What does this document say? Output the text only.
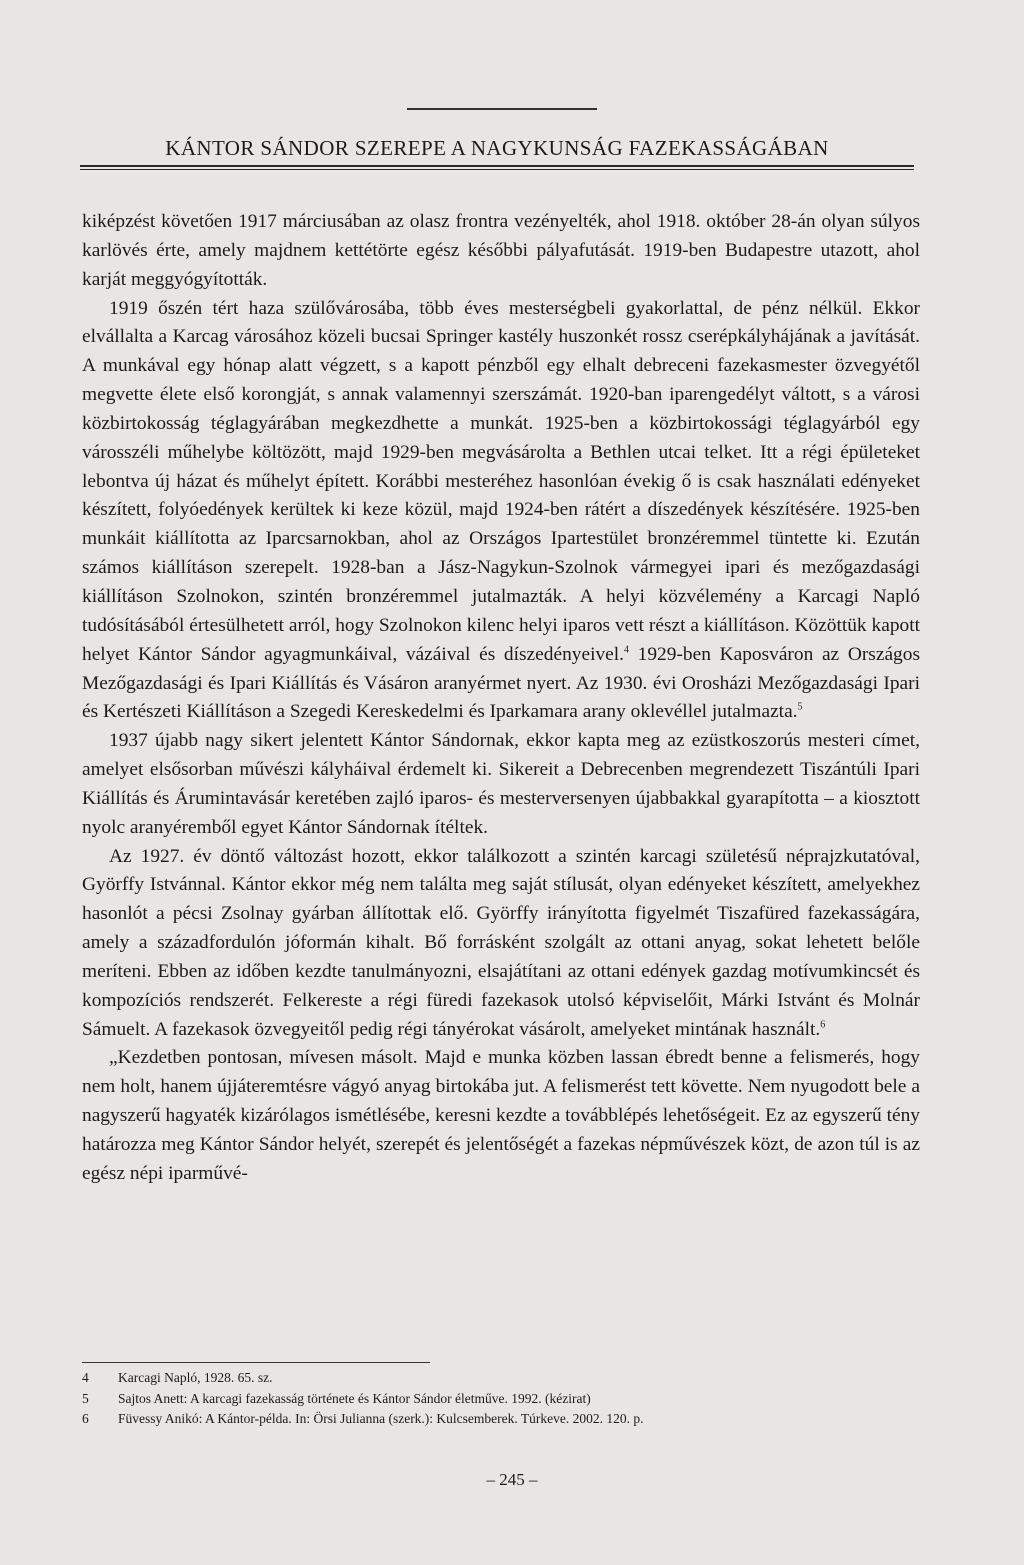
KÁNTOR SÁNDOR SZEREPE A NAGYKUNSÁG FAZEKASSÁGÁBAN

kiképzést követően 1917 márciusában az olasz frontra vezényelték, ahol 1918. október 28-án olyan súlyos karlövés érte, amely majdnem kettétörte egész későbbi pályafutását. 1919-ben Budapestre utazott, ahol karját meggyógyították.

1919 őszén tért haza szülővárosába, több éves mesterségbeli gyakorlattal, de pénz nélkül. Ekkor elvállalta a Karcag városához közeli bucsai Springer kastély huszonkét rossz cserépkályhájának a javítását. A munkával egy hónap alatt végzett, s a kapott pénzből egy elhalt debreceni fazekasmester özvegyétől megvette élete első korongját, s annak valamennyi szerszámát. 1920-ban iparengedélyt váltott, s a városi közbirtokosság téglagyárában megkezdhette a munkát. 1925-ben a közbirtokossági téglagyárból egy városszéli műhelybe költözött, majd 1929-ben megvásárolta a Bethlen utcai telket. Itt a régi épületeket lebontva új házat és műhelyt épített. Korábbi mesteréhez hasonlóan évekig ő is csak használati edényeket készített, folyóedények kerültek ki keze közül, majd 1924-ben rátért a díszedények készítésére. 1925-ben munkáit kiállította az Iparcsarnokban, ahol az Országos Ipartestület bronzéremmel tüntette ki. Ezután számos kiállításon szerepelt. 1928-ban a Jász-Nagykun-Szolnok vármegyei ipari és mezőgazdasági kiállításon Szolnokon, szintén bronzéremmel jutalmazták. A helyi közvélemény a Karcagi Napló tudósításából értesülhetett arról, hogy Szolnokon kilenc helyi iparos vett részt a kiállításon. Közöttük kapott helyet Kántor Sándor agyagmunkáival, vázáival és díszedényeivel.$^4$ 1929-ben Kaposváron az Országos Mezőgazdasági és Ipari Kiállítás és Vásáron aranyérmet nyert. Az 1930. évi Orosházi Mezőgazdasági Ipari és Kertészeti Kiállításon a Szegedi Kereskedelmi és Iparkamara arany oklevéllel jutalmazta.$^5$

1937 újabb nagy sikert jelentett Kántor Sándornak, ekkor kapta meg az ezüstkoszorús mesteri címet, amelyet elsősorban művészi kályháival érdemelt ki. Sikereit a Debrecenben megrendezett Tiszántúli Ipari Kiállítás és Árumintavásár keretében zajló iparos- és mesterversenyen újabbakkal gyarapította – a kiosztott nyolc aranyéremből egyet Kántor Sándornak ítéltek.

Az 1927. év döntő változást hozott, ekkor találkozott a szintén karcagi születésű néprajzkutatóval, Györffy Istvánnal. Kántor ekkor még nem találta meg saját stílusát, olyan edényeket készített, amelyekhez hasonlót a pécsi Zsolnay gyárban állítottak elő. Györffy irányította figyelmét Tiszafüred fazekasságára, amely a századfordulón jóformán kihalt. Bő forrásként szolgált az ottani anyag, sokat lehetett belőle meríteni. Ebben az időben kezdte tanulmányozni, elsajátítani az ottani edények gazdag motívumkincsét és kompozíciós rendszerét. Felkereste a régi füredi fazekasok utolsó képviselőit, Márki Istvánt és Molnár Sámuelt. A fazekasok özvegyeitől pedig régi tányérokat vásárolt, amelyeket mintának használt.$^6$

„Kezdetben pontosan, mívesen másolt. Majd e munka közben lassan ébredt benne a felismerés, hogy nem holt, hanem újjáteremtésre vágyó anyag birtokába jut. A felismerést tett követte. Nem nyugodott bele a nagyszerű hagyaték kizárólagos ismétlésébe, keresni kezdte a továbblépés lehetőségeit. Ez az egyszerű tény határozza meg Kántor Sándor helyét, szerepét és jelentőségét a fazekas népművészek közt, de azon túl is az egész népi iparművé-

4	Karcagi Napló, 1928. 65. sz.
5	Sajtos Anett: A karcagi fazekasság története és Kántor Sándor életműve. 1992. (kézirat)
6	Füvessy Anikó: A Kántor-példa. In: Örsi Julianna (szerk.): Kulcsemberek. Túrkeve. 2002. 120. p.
– 245 –
